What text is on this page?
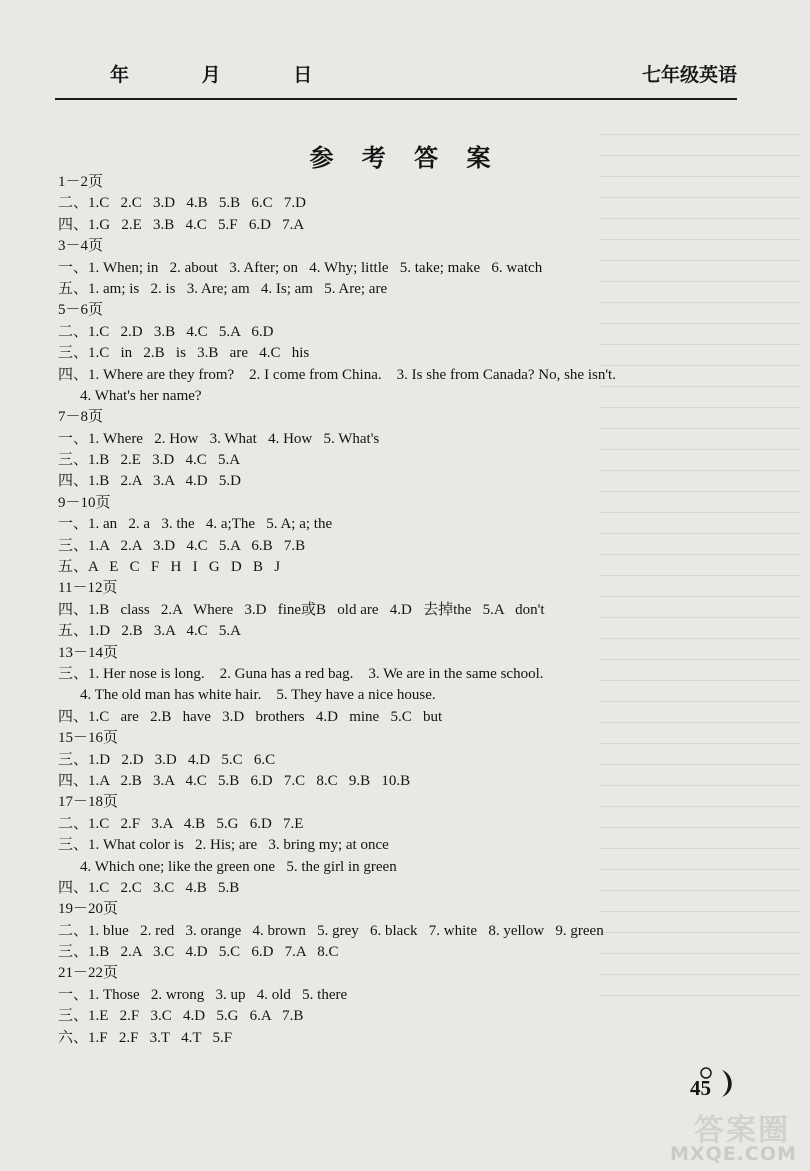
年	月	日	七年级英语
参 考 答 案
1－2页
二、1.C   2.C   3.D   4.B   5.B   6.C   7.D
四、1.G   2.E   3.B   4.C   5.F   6.D   7.A
3－4页
一、1. When; in   2. about   3. After; on   4. Why; little   5. take; make   6. watch
五、1. am; is   2. is   3. Are; am   4. Is; am   5. Are; are
5－6页
二、1.C   2.D   3.B   4.C   5.A   6.D
三、1.C   in   2.B   is   3.B   are   4.C   his
四、1. Where are they from?    2. I come from China.    3. Is she from Canada? No, she isn't.
4. What's her name?
7－8页
一、1. Where   2. How   3. What   4. How   5. What's
三、1.B   2.E   3.D   4.C   5.A
四、1.B   2.A   3.A   4.D   5.D
9－10页
一、1. an   2. a   3. the   4. a;The   5. A; a; the
三、1.A   2.A   3.D   4.C   5.A   6.B   7.B
五、A   E   C   F   H   I   G   D   B   J
11－12页
四、1.B   class   2.A   Where   3.D   fine或B   old are   4.D   去掉the   5.A   don't
五、1.D   2.B   3.A   4.C   5.A
13－14页
三、1. Her nose is long.    2. Guna has a red bag.    3. We are in the same school.
4. The old man has white hair.    5. They have a nice house.
四、1.C   are   2.B   have   3.D   brothers   4.D   mine   5.C   but
15－16页
三、1.D   2.D   3.D   4.D   5.C   6.C
四、1.A   2.B   3.A   4.C   5.B   6.D   7.C   8.C   9.B   10.B
17－18页
二、1.C   2.F   3.A   4.B   5.G   6.D   7.E
三、1. What color is   2. His; are   3. bring my; at once
4. Which one; like the green one   5. the girl in green
四、1.C   2.C   3.C   4.B   5.B
19－20页
二、1. blue   2. red   3. orange   4. brown   5. grey   6. black   7. white   8. yellow   9. green
三、1.B   2.A   3.C   4.D   5.C   6.D   7.A   8.C
21－22页
一、1. Those   2. wrong   3. up   4. old   5. there
三、1.E   2.F   3.C   4.D   5.G   6.A   7.B
六、1.F   2.F   3.T   4.T   5.F
45
答案圈
MXQE.COM
